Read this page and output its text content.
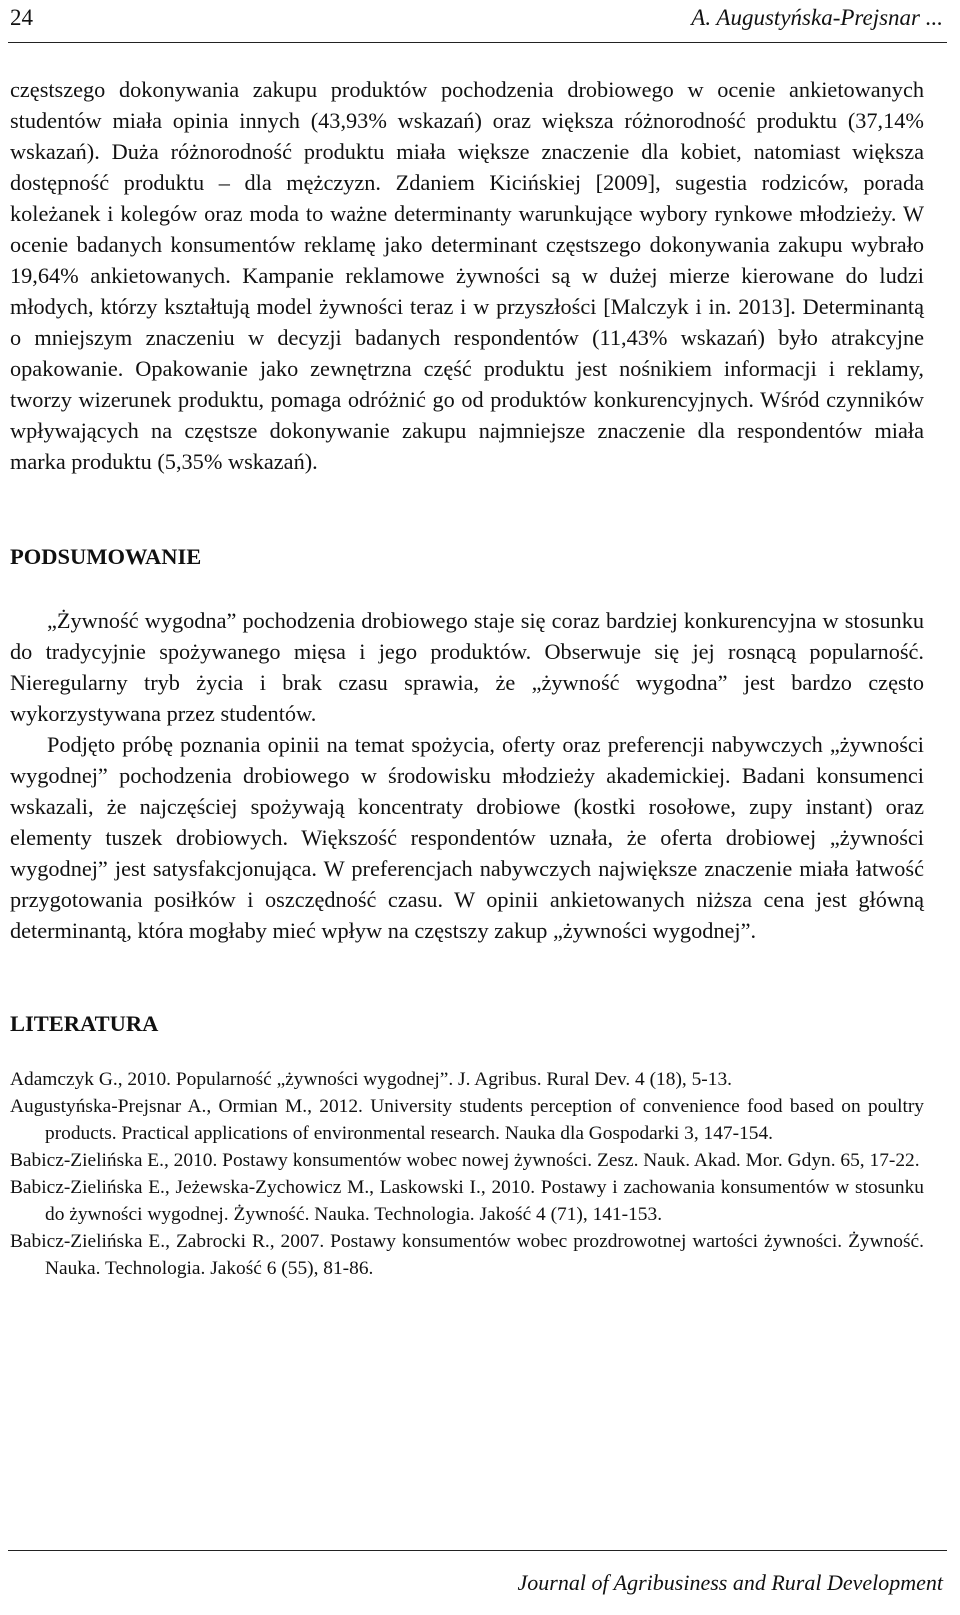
24	A. Augustyńska-Prejsnar ...

częstszego dokonywania zakupu produktów pochodzenia drobiowego w ocenie ankietowanych studentów miała opinia innych (43,93% wskazań) oraz większa różnorodność produktu (37,14% wskazań). Duża różnorodność produktu miała większe znaczenie dla kobiet, natomiast większa dostępność produktu – dla mężczyzn. Zdaniem Kicińskiej [2009], sugestia rodziców, porada koleżanek i kolegów oraz moda to ważne determinanty warunkujące wybory rynkowe młodzieży. W ocenie badanych konsumentów reklamę jako determinant częstszego dokonywania zakupu wybrało 19,64% ankietowanych. Kampanie reklamowe żywności są w dużej mierze kierowane do ludzi młodych, którzy kształtują model żywności teraz i w przyszłości [Malczyk i in. 2013]. Determinantą o mniejszym znaczeniu w decyzji badanych respondentów (11,43% wskazań) było atrakcyjne opakowanie. Opakowanie jako zewnętrzna część produktu jest nośnikiem informacji i reklamy, tworzy wizerunek produktu, pomaga odróżnić go od produktów konkurencyjnych. Wśród czynników wpływających na częstsze dokonywanie zakupu najmniejsze znaczenie dla respondentów miała marka produktu (5,35% wskazań).

PODSUMOWANIE

„Żywność wygodna” pochodzenia drobiowego staje się coraz bardziej konkurencyjna w stosunku do tradycyjnie spożywanego mięsa i jego produktów. Obserwuje się jej rosnącą popularność. Nieregularny tryb życia i brak czasu sprawia, że „żywność wygodna” jest bardzo często wykorzystywana przez studentów.

Podjęto próbę poznania opinii na temat spożycia, oferty oraz preferencji nabywczych „żywności wygodnej” pochodzenia drobiowego w środowisku młodzieży akademickiej. Badani konsumenci wskazali, że najczęściej spożywają koncentraty drobiowe (kostki rosołowe, zupy instant) oraz elementy tuszek drobiowych. Większość respondentów uznała, że oferta drobiowej „żywności wygodnej” jest satysfakcjonująca. W preferencjach nabywczych największe znaczenie miała łatwość przygotowania posiłków i oszczędność czasu. W opinii ankietowanych niższa cena jest główną determinantą, która mogłaby mieć wpływ na częstszy zakup „żywności wygodnej”.

LITERATURA
Adamczyk G., 2010. Popularność „żywności wygodnej”. J. Agribus. Rural Dev. 4 (18), 5-13.
Augustyńska-Prejsnar A., Ormian M., 2012. University students perception of convenience food based on poultry products. Practical applications of environmental research. Nauka dla Gospodarki 3, 147-154.
Babicz-Zielińska E., 2010. Postawy konsumentów wobec nowej żywności. Zesz. Nauk. Akad. Mor. Gdyn. 65, 17-22.
Babicz-Zielińska E., Jeżewska-Zychowicz M., Laskowski I., 2010. Postawy i zachowania konsumentów w stosunku do żywności wygodnej. Żywność. Nauka. Technologia. Jakość 4 (71), 141-153.
Babicz-Zielińska E., Zabrocki R., 2007. Postawy konsumentów wobec prozdrowotnej wartości żywności. Żywność. Nauka. Technologia. Jakość 6 (55), 81-86.
Journal of Agribusiness and Rural Development
